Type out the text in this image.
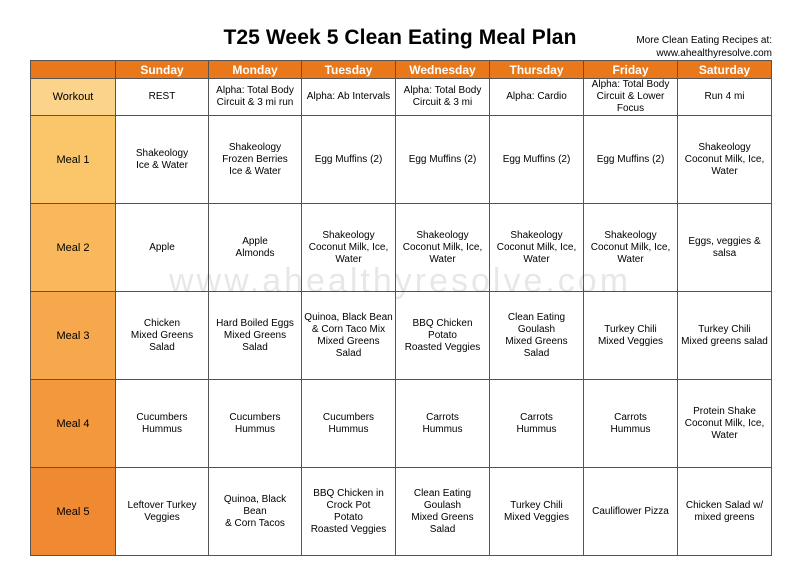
T25 Week 5 Clean Eating Meal Plan	More Clean Eating Recipes at:
www.ahealthyresolve.com
www.ahealthyresolve.com
	Sunday	Monday	Tuesday	Wednesday	Thursday	Friday	Saturday
Workout	REST	Alpha: Total Body
Circuit & 3 mi run	Alpha: Ab Intervals	Alpha: Total Body
Circuit & 3 mi	Alpha: Cardio	Alpha: Total Body
Circuit & Lower Focus	Run 4 mi

Meal 1	Shakeology
Ice & Water	Shakeology
Frozen Berries
Ice & Water	Egg Muffins (2)	Egg Muffins (2)	Egg Muffins (2)	Egg Muffins (2)	Shakeology
Coconut Milk, Ice,
Water

Meal 2	Apple	Apple
Almonds	Shakeology
Coconut Milk, Ice,
Water	Shakeology
Coconut Milk, Ice,
Water	Shakeology
Coconut Milk, Ice,
Water	Shakeology
Coconut Milk, Ice,
Water	Eggs, veggies &
salsa

Meal 3	Chicken
Mixed Greens Salad	Hard Boiled Eggs
Mixed Greens Salad	Quinoa, Black Bean
& Corn Taco Mix
Mixed Greens Salad	BBQ Chicken
Potato
Roasted Veggies	Clean Eating
Goulash
Mixed Greens Salad	Turkey Chili
Mixed Veggies	Turkey Chili
Mixed greens salad

Meal 4	Cucumbers
Hummus	Cucumbers
Hummus	Cucumbers
Hummus	Carrots
Hummus	Carrots
Hummus	Carrots
Hummus	Protein Shake
Coconut Milk, Ice,
Water

Meal 5	Leftover Turkey
Veggies	Quinoa, Black Bean
& Corn Tacos	BBQ Chicken in
Crock Pot
Potato
Roasted Veggies	Clean Eating
Goulash
Mixed Greens Salad	Turkey Chili
Mixed Veggies	Cauliflower Pizza	Chicken Salad w/
mixed greens
